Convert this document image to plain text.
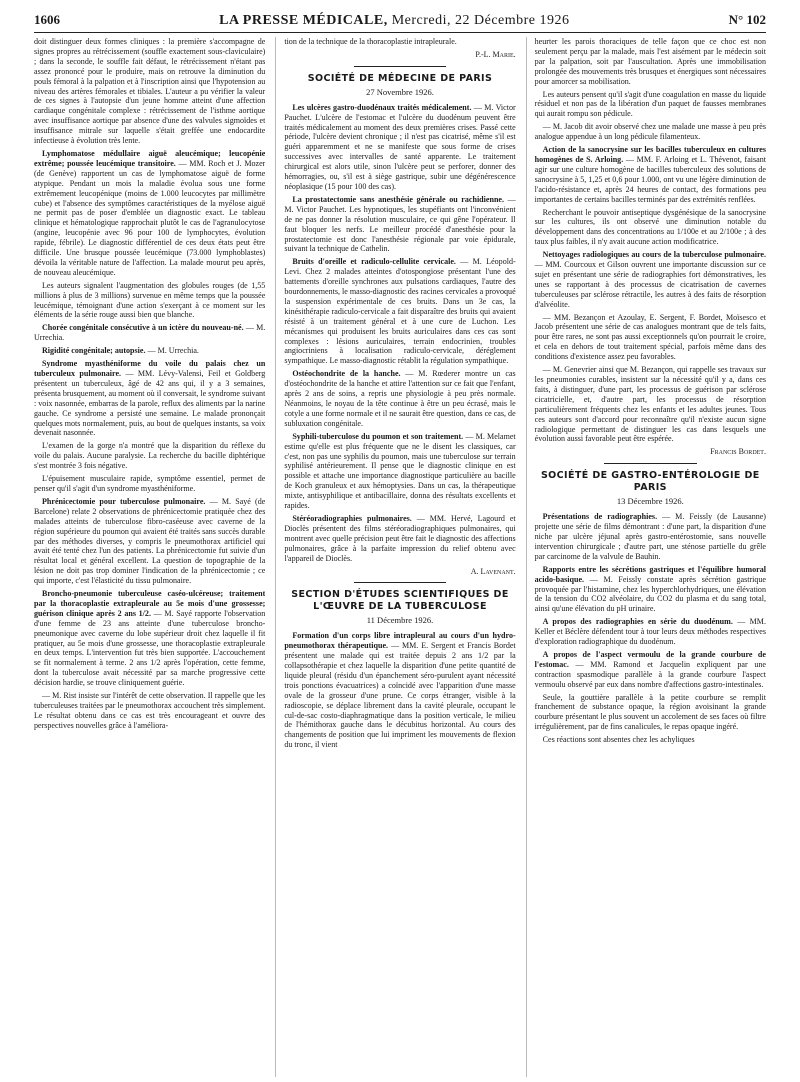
1606	LA PRESSE MÉDICALE, Mercredi, 22 Décembre 1926	N° 102

doit distinguer deux formes cliniques : la première s'accompagne de signes propres au rétrécissement (souffle exactement sous-claviculaire) ; dans la seconde, le souffle fait défaut, le rétrécissement n'étant pas assez prononcé pour le produire, mais on retrouve la diminution du pouls fémoral à la palpation et à l'inscription ainsi que l'hypotension au niveau des artères fémorales et tibiales. L'auteur a pu vérifier la valeur de ces signes à l'autopsie d'un jeune homme atteint d'une affection cardiaque congénitale complexe : rétrécissement de l'isthme aortique avec insuffisance aortique par absence d'une des valvules sigmoïdes et insuffisance mitrale sur laquelle s'était greffée une endocardite infectieuse à évolution très lente.

Lymphomatose médullaire aiguë aleucémique; leucopénie extrême; poussée leucémique transitoire. — MM. Roch et J. Mozer (de Genève) rapportent un cas de lymphomatose aiguë de forme atypique. Pendant un mois la maladie évolua sous une forme extrêmement leucopénique (moins de 1.000 leucocytes par millimètre cube) et l'absence des symptômes caractéristiques de la myélose aiguë ne permit pas de poser d'emblée un diagnostic exact. Le tableau clinique et hématologique rapprochait plutôt le cas de l'agranulocytose (angine, leucopénie avec 96 pour 100 de lymphocytes, évolution rapide, fébrile). Le diagnostic différentiel de ces deux états peut être difficile. Une brusque poussée leucémique (73.000 lymphoblastes) dévoila la véritable nature de l'affection. La malade mourut peu après, de nouveau aleucémique.

Les auteurs signalent l'augmentation des globules rouges (de 1,55 millions à plus de 3 millions) survenue en même temps que la poussée leucémique, témoignant d'une action s'exerçant à ce moment sur les éléments de la série rouge aussi bien que blanche.

Chorée congénitale consécutive à un ictère du nouveau-né. — M. Urrechia.

Rigidité congénitale; autopsie. — M. Urrechia.

Syndrome myasthéniforme du voile du palais chez un tuberculeux pulmonaire. — MM. Lévy-Valensi, Feil et Goldberg présentent un tuberculeux, âgé de 42 ans qui, il y a 3 semaines, présenta brusquement, au moment où il conversait, le syndrome suivant : voix nasonnée, embarras de la parole, reflux des aliments par la narine gauche. Ce syndrome a persisté une semaine. Le malade prononçait quelques mots normalement, puis, au bout de quelques instants, sa voix devenait nasonnée.

L'examen de la gorge n'a montré que la disparition du réflexe du voile du palais. Aucune paralysie. La recherche du bacille diphtérique s'est montrée 3 fois négative.

L'épuisement musculaire rapide, symptôme essentiel, permet de penser qu'il s'agit d'un syndrome myasthéniforme.

Phrénicectomie pour tuberculose pulmonaire. — M. Sayé (de Barcelone) relate 2 observations de phrénicectomie pratiquée chez des malades atteints de tuberculose fibro-caséeuse avec caverne de la région supérieure du poumon qui avaient été traités sans succès durable par des méthodes diverses, y compris le pneumothorax artificiel qui avait été tenté chez l'un des patients. La phrénicectomie fut suivie d'un résultat local et général excellent. La question de topographie de la lésion ne doit pas trop dominer l'indication de la phrénicectomie ; ce qui importe, c'est l'élasticité du tissu pulmonaire.

Broncho-pneumonie tuberculeuse caséo-ulcéreuse; traitement par la thoracoplastie extrapleurale au 5e mois d'une grossesse; guérison clinique après 2 ans 1/2. — M. Sayé rapporte l'observation d'une femme de 23 ans atteinte d'une tuberculose broncho-pneumonique avec caverne du lobe supérieur droit chez laquelle il fit pratiquer, au 5e mois d'une grossesse, une thoracoplastie extrapleurale en deux temps. L'intervention fut très bien supportée. L'accouchement se fit normalement à terme. 2 ans 1/2 après l'opération, cette femme, dont la tuberculose avait nécessité par sa marche progressive cette décision hardie, se trouve cliniquement guérie.

— M. Rist insiste sur l'intérêt de cette observation. Il rappelle que les tuberculeuses traitées par le pneumothorax accouchent très simplement. Le résultat obtenu dans ce cas est très encourageant et ouvre des perspectives nouvelles grâce à l'améliora-

tion de la technique de la thoracoplastie intrapleurale.

P.-L. Marie.
SOCIÉTÉ DE MÉDECINE DE PARIS
27 Novembre 1926.

Les ulcères gastro-duodénaux traités médicalement. — M. Victor Pauchet. L'ulcère de l'estomac et l'ulcère du duodénum peuvent être traités médicalement au moment des deux premières crises. Passé cette période, l'ulcère devient chronique ; il n'est pas cicatrisé, même s'il est guéri apparemment et ne se manifeste que sous forme de crises successives avec intervalles de santé apparente. Le traitement chirurgical est alors utile, sinon l'ulcère peut se perforer, donner des hémorragies, ou, s'il est à siège gastrique, subir une dégénérescence néoplasique (15 pour 100 des cas).

La prostatectomie sans anesthésie générale ou rachidienne. — M. Victor Pauchet. Les hypnotiques, les stupéfiants ont l'inconvénient de ne pas donner la résolution musculaire, ce qui gêne l'opérateur. Il faut bloquer les nerfs. Le meilleur procédé d'anesthésie pour la prostatectomie est donc l'anesthésie régionale par voie épidurale, suivant la technique de Cathelin.

Bruits d'oreille et radiculo-cellulite cervicale. — M. Léopold-Levi. Chez 2 malades atteintes d'otospongiose présentant l'une des battements d'oreille synchrones aux pulsations cardiaques, l'autre des bourdonnements, le masso-diagnostic des racines cervicales a provoqué la suspension expérimentale de ces bruits. Dans un 3e cas, la kinésithérapie radiculo-cervicale a fait disparaître des bruits qui avaient résisté à un traitement général et à une cure de Luchon. Les mécanismes qui produisent les bruits auriculaires dans ces cas sont complexes : lésions auriculaires, terrain endocrinien, troubles angiocriniens à localisation radiculo-cervicale, déréglement sympathique. Le masso-diagnostic rétablit la régulation sympathique.

Ostéochondrite de la hanche. — M. Rœderer montre un cas d'ostéochondrite de la hanche et attire l'attention sur ce fait que l'enfant, après 2 ans de soins, a repris une physiologie à peu près normale. Néanmoins, le noyau de la tête continue à être un peu écrasé, mais le cotyle a une forme normale et il ne saurait être question, dans ce cas, de subluxation congénitale.

Syphili-tuberculose du poumon et son traitement. — M. Melamet estime qu'elle est plus fréquente que ne le disent les classiques, car c'est, non pas une syphilis du poumon, mais une tuberculose sur terrain syphilisé antérieurement. Il pense que le diagnostic clinique en est possible et attache une importance diagnostique particulière au bacille de Koch granuleux et aux hémoptysies. Dans un cas, la thérapeutique mixte, antisyphilique et antibacillaire, donna des résultats excellents et rapides.

Stéréoradiographies pulmonaires. — MM. Hervé, Lagourd et Dioclès présentent des films stéréoradiographiques pulmonaires, qui montrent avec quelle précision peut être fait le diagnostic des affections pulmonaires, grâce à la parfaite impression du relief obtenu avec l'appareil de Dioclès.

A. Lavenant.
SECTION D'ÉTUDES SCIENTIFIQUES DE L'ŒUVRE DE LA TUBERCULOSE
11 Décembre 1926.

Formation d'un corps libre intrapleural au cours d'un hydro-pneumothorax thérapeutique. — MM. E. Sergent et Francis Bordet présentent une malade qui est traitée depuis 2 ans 1/2 par la collapsothérapie et chez laquelle la disparition d'une petite quantité de liquide pleural (résidu d'un épanchement séro-purulent ayant nécessité trois ponctions évacuatrices) a coïncidé avec l'apparition d'une masse ovale de la grosseur d'une prune. Ce corps étranger, visible à la radioscopie, se déplace librement dans la cavité pleurale, occupant le cul-de-sac costo-diaphragmatique dans la position verticale, le milieu de l'hémithorax gauche dans le décubitus horizontal. Au cours des changements de position que lui impriment les mouvements de flexion du tronc, il vient

heurter les parois thoraciques de telle façon que ce choc est non seulement perçu par la malade, mais l'est aisément par le médecin soit par la palpation, soit par l'auscultation. Après une immobilisation prolongée des mouvements très brusques et énergiques sont nécessaires pour amorcer sa mobilisation.

Les auteurs pensent qu'il s'agit d'une coagulation en masse du liquide résiduel et non pas de la libération d'un paquet de fausses membranes qui aurait rompu son pédicule.

— M. Jacob dit avoir observé chez une malade une masse à peu près analogue appendue à un long pédicule filamenteux.

Action de la sanocrysine sur les bacilles tuberculeux en cultures homogènes de S. Arloing. — MM. F. Arloing et L. Thévenot, faisant agir sur une culture homogène de bacilles tuberculeux des solutions de sanocrysine à 5, 1,25 et 0,6 pour 1.000, ont vu une légère diminution de l'acido-résistance et, après 24 heures de contact, des formations peu importantes de certains bacilles terminés par des extrémités renflées.

Recherchant le pouvoir antiseptique dysgénésique de la sanocrysine sur les cultures, ils ont observé une diminution notable du développement dans des concentrations au 1/100e et au 2/100e ; à des taux plus faibles, il n'y avait aucune action modificatrice.

Nettoyages radiologiques au cours de la tuberculose pulmonaire. — MM. Courcoux et Gilson ouvrent une importante discussion sur ce sujet en présentant une série de radiographies fort démonstratives, les unes se rapportant à des processus de cicatrisation de cavernes tuberculeuses par sclérose rétractile, les autres à des faits de résorption d'alvéolite.

— MM. Bezançon et Azoulay, E. Sergent, F. Bordet, Moïsesco et Jacob présentent une série de cas analogues montrant que de tels faits, pour être rares, ne sont pas aussi exceptionnels qu'on pourrait le croire, et cela en dehors de tout traitement spécial, parfois même dans des conditions d'existence assez peu favorables.

— M. Genevrier ainsi que M. Bezançon, qui rappelle ses travaux sur les pneumonies curables, insistent sur la nécessité qu'il y a, dans ces faits, à distinguer, d'une part, les processus de guérison par sclérose cicatricielle, et, d'autre part, les processus de résorption particulièrement fréquents chez les enfants et les adultes jeunes. Tous ces auteurs sont d'accord pour reconnaître qu'il n'existe aucun signe radiologique permettant de distinguer les cas dans lesquels une évolution aussi favorable peut être espérée.

Francis Bordet.
SOCIÉTÉ DE GASTRO-ENTÉROLOGIE DE PARIS
13 Décembre 1926.

Présentations de radiographies. — M. Feissly (de Lausanne) projette une série de films démontrant : d'une part, la disparition d'une niche par ulcère jéjunal après gastro-entérostomie, sans nouvelle intervention chirurgicale ; d'autre part, une sténose partielle du grêle par carcinome de la valvule de Bauhin.

Rapports entre les sécrétions gastriques et l'équilibre humoral acido-basique. — M. Feissly constate après sécrétion gastrique provoquée par l'histamine, chez les hyperchlorhydriques, une élévation de la tension du CO2 alvéolaire, du CO2 du plasma et du sang total, ainsi qu'une élévation du pH urinaire.

A propos des radiographies en série du duodénum. — MM. Keller et Béclère défendent tour à tour leurs deux méthodes respectives d'exploration radiographique du duodénum.

A propos de l'aspect vermoulu de la grande courbure de l'estomac. — MM. Ramond et Jacquelin expliquent par une contraction spasmodique parallèle à la grande courbure l'aspect vermoulu observé par eux dans nombre d'affections gastro-intestinales.

Seule, la gouttière parallèle à la petite courbure se remplit franchement de substance opaque, la région avoisinant la grande courbure présentant le plus souvent un accolement de ses faces où filtre irrégulièrement, par de fins canalicules, le repas opaque ingéré.

Ces réactions sont absentes chez les achyliques
